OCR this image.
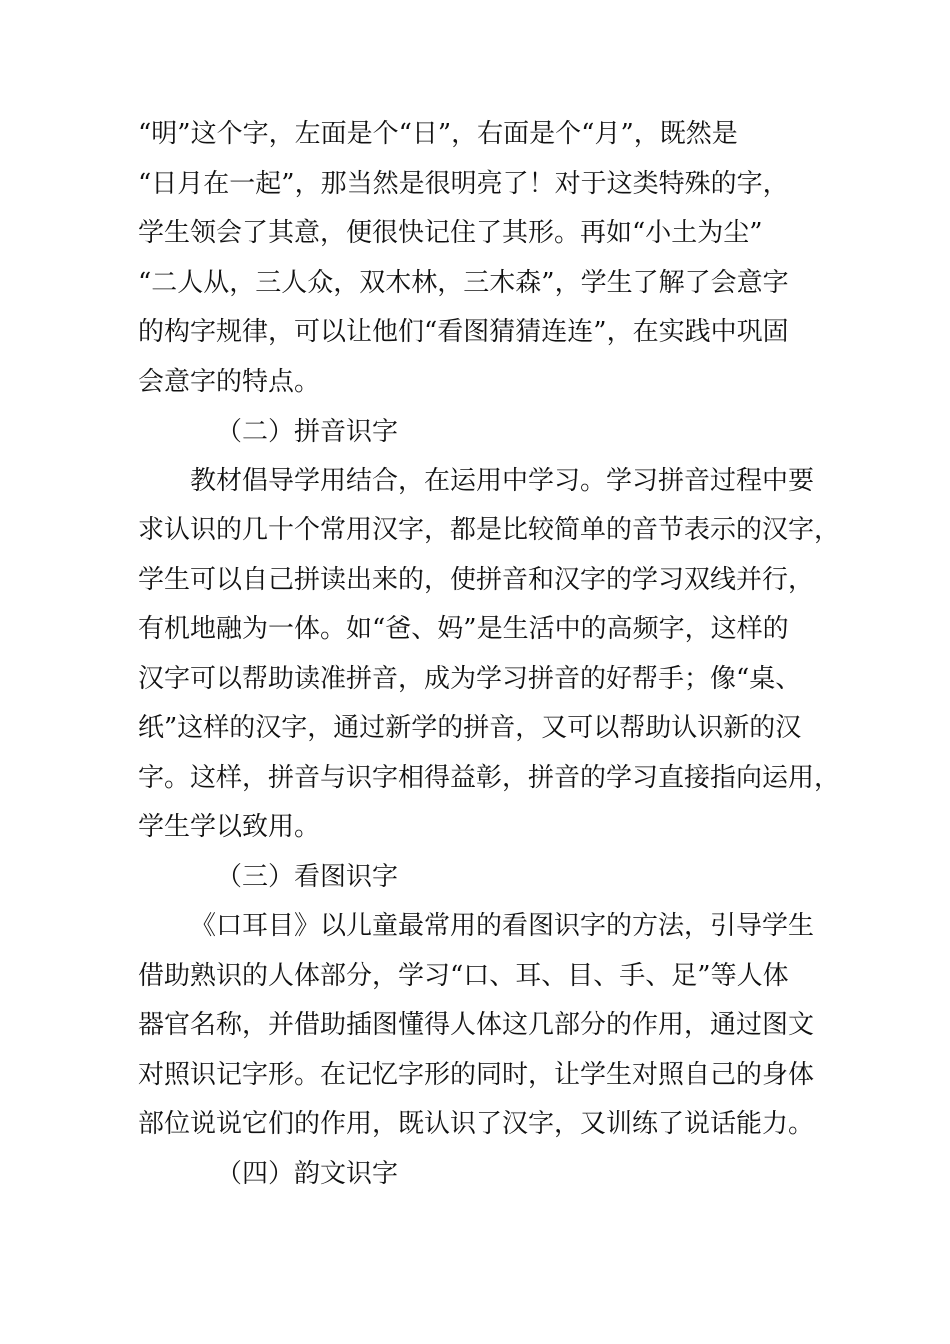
“明”这个字，左面是个“日”，右面是个“月”，既然是
“日月在一起”，那当然是很明亮了！对于这类特殊的字，
学生领会了其意，便很快记住了其形。再如“小土为尘”
“二人从，三人众，双木林，三木森”，学生了解了会意字
的构字规律，可以让他们“看图猜猜连连”，在实践中巩固
会意字的特点。
（二）拼音识字
教材倡导学用结合，在运用中学习。学习拼音过程中要
求认识的几十个常用汉字，都是比较简单的音节表示的汉字，
学生可以自己拼读出来的，使拼音和汉字的学习双线并行，
有机地融为一体。如“爸、妈”是生活中的高频字，这样的
汉字可以帮助读准拼音，成为学习拼音的好帮手；像“桌、
纸”这样的汉字，通过新学的拼音，又可以帮助认识新的汉
字。这样，拼音与识字相得益彰，拼音的学习直接指向运用，
学生学以致用。
（三）看图识字
《口耳目》以儿童最常用的看图识字的方法，引导学生
借助熟识的人体部分，学习“口、耳、目、手、足”等人体
器官名称，并借助插图懂得人体这几部分的作用，通过图文
对照识记字形。在记忆字形的同时，让学生对照自己的身体
部位说说它们的作用，既认识了汉字，又训练了说话能力。
（四）韵文识字
